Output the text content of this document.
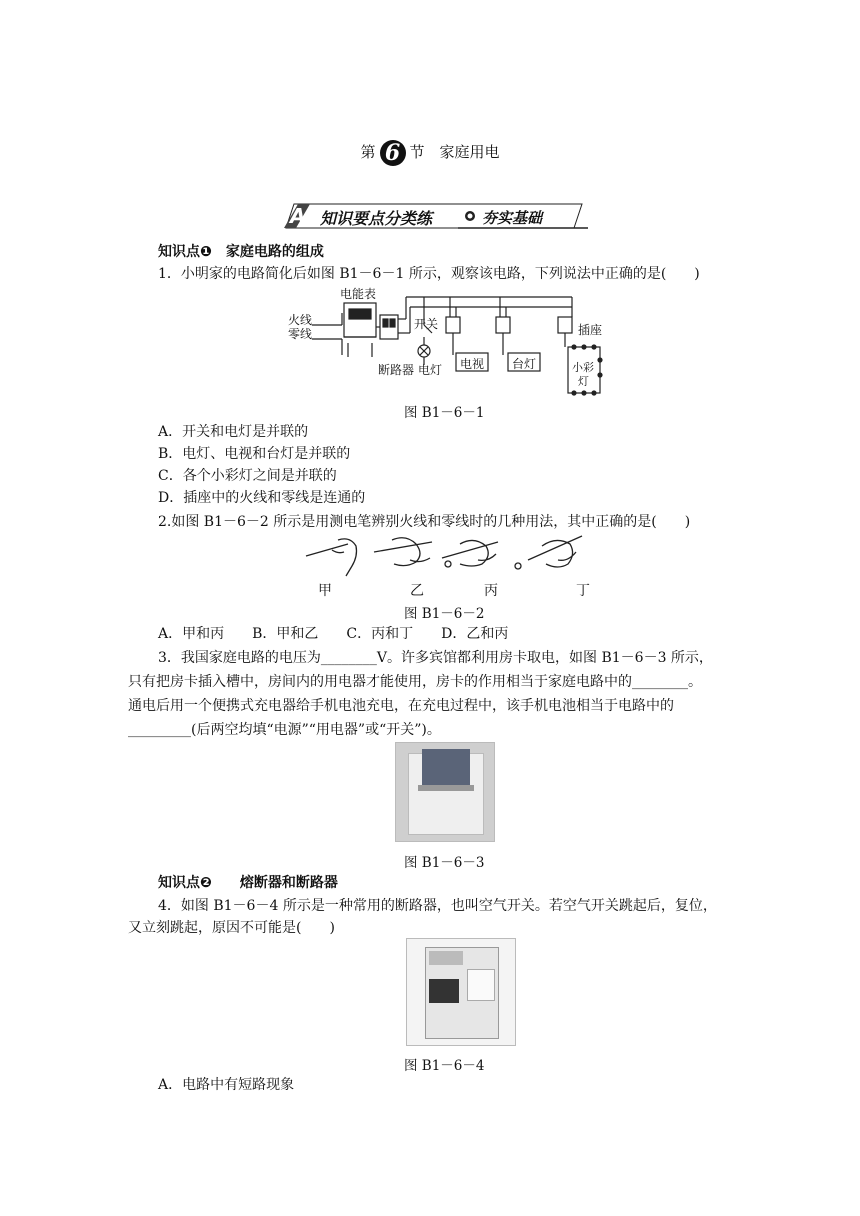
第 6 节　家庭用电
A 知识要点分类练	夯实基础
知识点❶　家庭电路的组成
1．小明家的电路简化后如图 B1－6－1 所示，观察该电路，下列说法中正确的是(　　)
电能表
火线
零线
开关	插座
断路器 电灯 电视 台灯	小彩
灯
图 B1－6－1
A．开关和电灯是并联的
B．电灯、电视和台灯是并联的
C．各个小彩灯之间是并联的
D．插座中的火线和零线是连通的
2.如图 B1－6－2 所示是用测电笔辨别火线和零线时的几种用法，其中正确的是(　　)
甲	乙	丙	丁
图 B1－6－2
A．甲和丙　　B．甲和乙　　C．丙和丁　　D．乙和丙
3．我国家庭电路的电压为________V。许多宾馆都利用房卡取电，如图 B1－6－3 所示，
只有把房卡插入槽中，房间内的用电器才能使用，房卡的作用相当于家庭电路中的________。
通电后用一个便携式充电器给手机电池充电，在充电过程中，该手机电池相当于电路中的
_________(后两空均填“电源”“用电器”或“开关”)。
图 B1－6－3
知识点❷　　熔断器和断路器
4．如图 B1－6－4 所示是一种常用的断路器，也叫空气开关。若空气开关跳起后，复位，
又立刻跳起，原因不可能是(　　)
图 B1－6－4
A．电路中有短路现象
